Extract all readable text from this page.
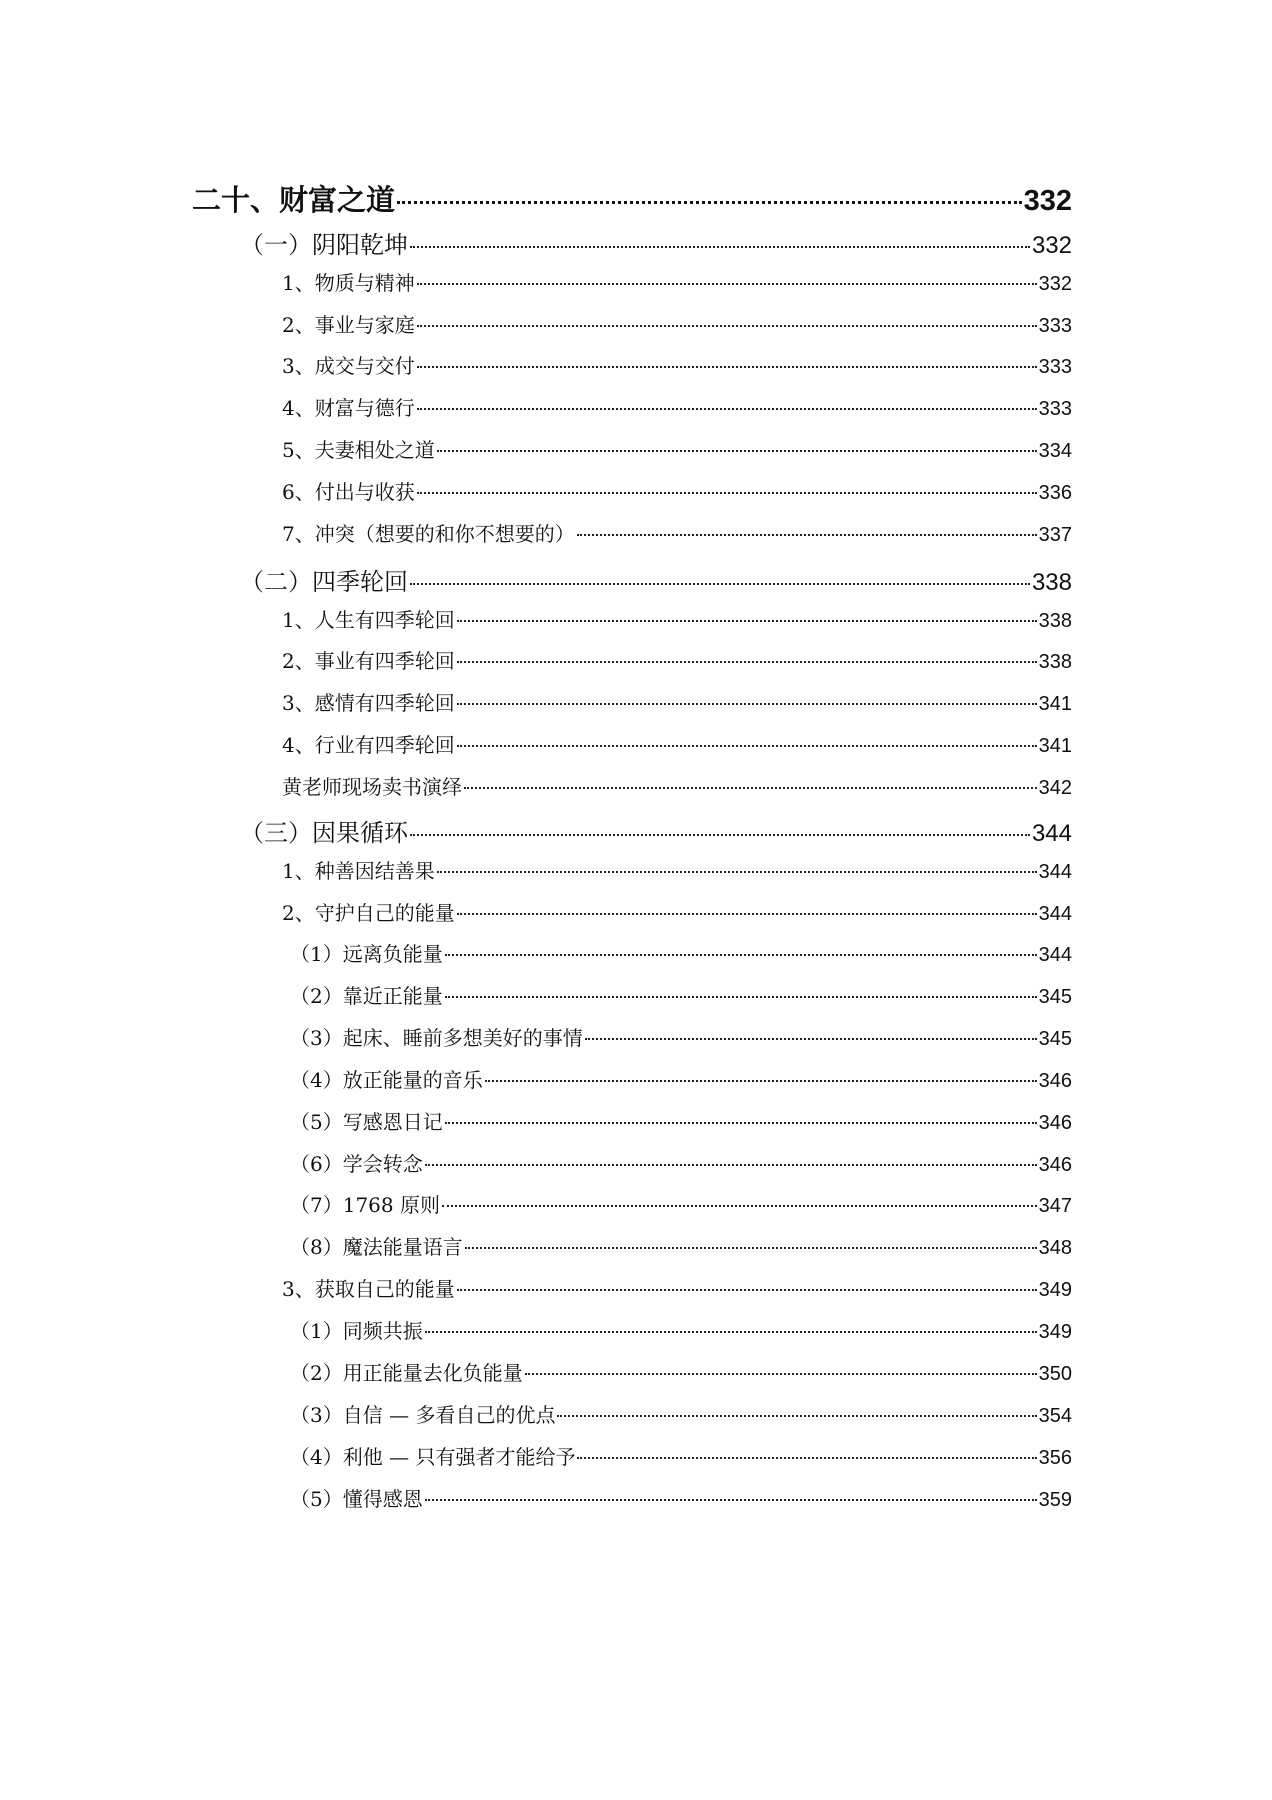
二十、财富之道	332
（一）阴阳乾坤	332
1、物质与精神	332
2、事业与家庭	333
3、成交与交付	333
4、财富与德行	333
5、夫妻相处之道	334
6、付出与收获	336
7、冲突（想要的和你不想要的）	337
（二）四季轮回	338
1、人生有四季轮回	338
2、事业有四季轮回	338
3、感情有四季轮回	341
4、行业有四季轮回	341
黄老师现场卖书演绎	342
（三）因果循环	344
1、种善因结善果	344
2、守护自己的能量	344
（1）远离负能量	344
（2）靠近正能量	345
（3）起床、睡前多想美好的事情	345
（4）放正能量的音乐	346
（5）写感恩日记	346
（6）学会转念	346
（7）1768 原则	347
（8）魔法能量语言	348
3、获取自己的能量	349
（1）同频共振	349
（2）用正能量去化负能量	350
（3）自信 — 多看自己的优点	354
（4）利他 — 只有强者才能给予	356
（5）懂得感恩	359
